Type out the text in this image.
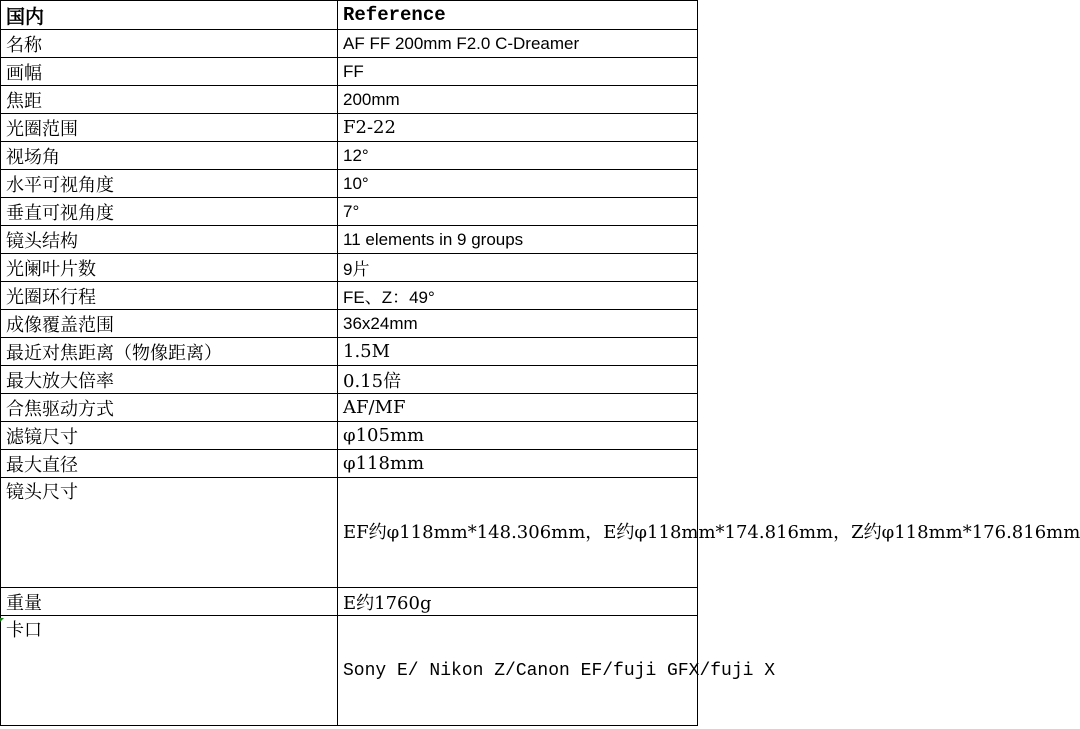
国内	Reference
名称	AF FF 200mm F2.0 C-Dreamer
画幅	FF
焦距	200mm
光圈范围	F2-22
视场角	12°
水平可视角度	10°
垂直可视角度	7°
镜头结构	11 elements in 9 groups
光阑叶片数	9片
光圈环行程	FE、Z：49°
成像覆盖范围	36x24mm
最近对焦距离（物像距离）	1.5M
最大放大倍率	0.15倍
合焦驱动方式	AF/MF
滤镜尺寸	φ105mm
最大直径	φ118mm
镜头尺寸	EF约φ118mm*148.306mm，E约φ118mm*174.816mm，Z约φ118mm*176.816mm
重量	E约1760g
卡口	Sony E/ Nikon Z/Canon EF/fuji GFX/fuji X
